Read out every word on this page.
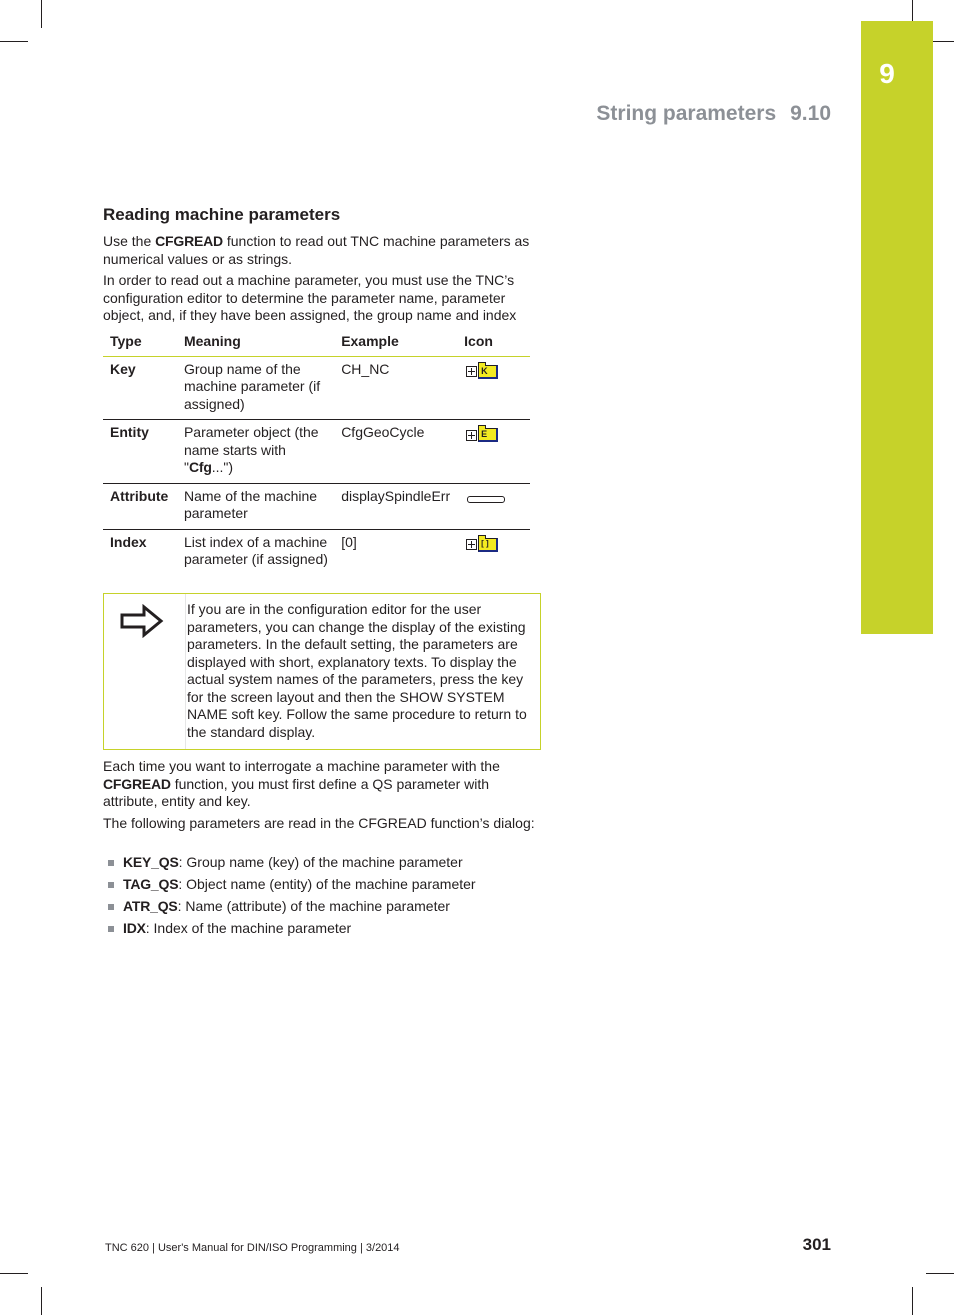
9
String parameters 9.10
Reading machine parameters
Use the CFGREAD function to read out TNC machine parameters as numerical values or as strings.
In order to read out a machine parameter, you must use the TNC’s configuration editor to determine the parameter name, parameter object, and, if they have been assigned, the group name and index
Type	Meaning	Example	Icon
Key	Group name of the machine parameter (if assigned)	CH_NC	K

Entity	Parameter object (the name starts with "Cfg...")	CfgGeoCycle	E

Attribute	Name of the machine parameter	displaySpindleErr	

Index	List index of a machine parameter (if assigned)	[0]	[ ]
If you are in the configuration editor for the user parameters, you can change the display of the existing parameters. In the default setting, the parameters are displayed with short, explanatory texts. To display the actual system names of the parameters, press the key for the screen layout and then the SHOW SYSTEM NAME soft key. Follow the same procedure to return to the standard display.
Each time you want to interrogate a machine parameter with the CFGREAD function, you must first define a QS parameter with attribute, entity and key.
The following parameters are read in the CFGREAD function’s dialog:
KEY_QS: Group name (key) of the machine parameter
TAG_QS: Object name (entity) of the machine parameter
ATR_QS: Name (attribute) of the machine parameter
IDX: Index of the machine parameter
TNC 620 | User's Manual for DIN/ISO Programming | 3/2014	301
